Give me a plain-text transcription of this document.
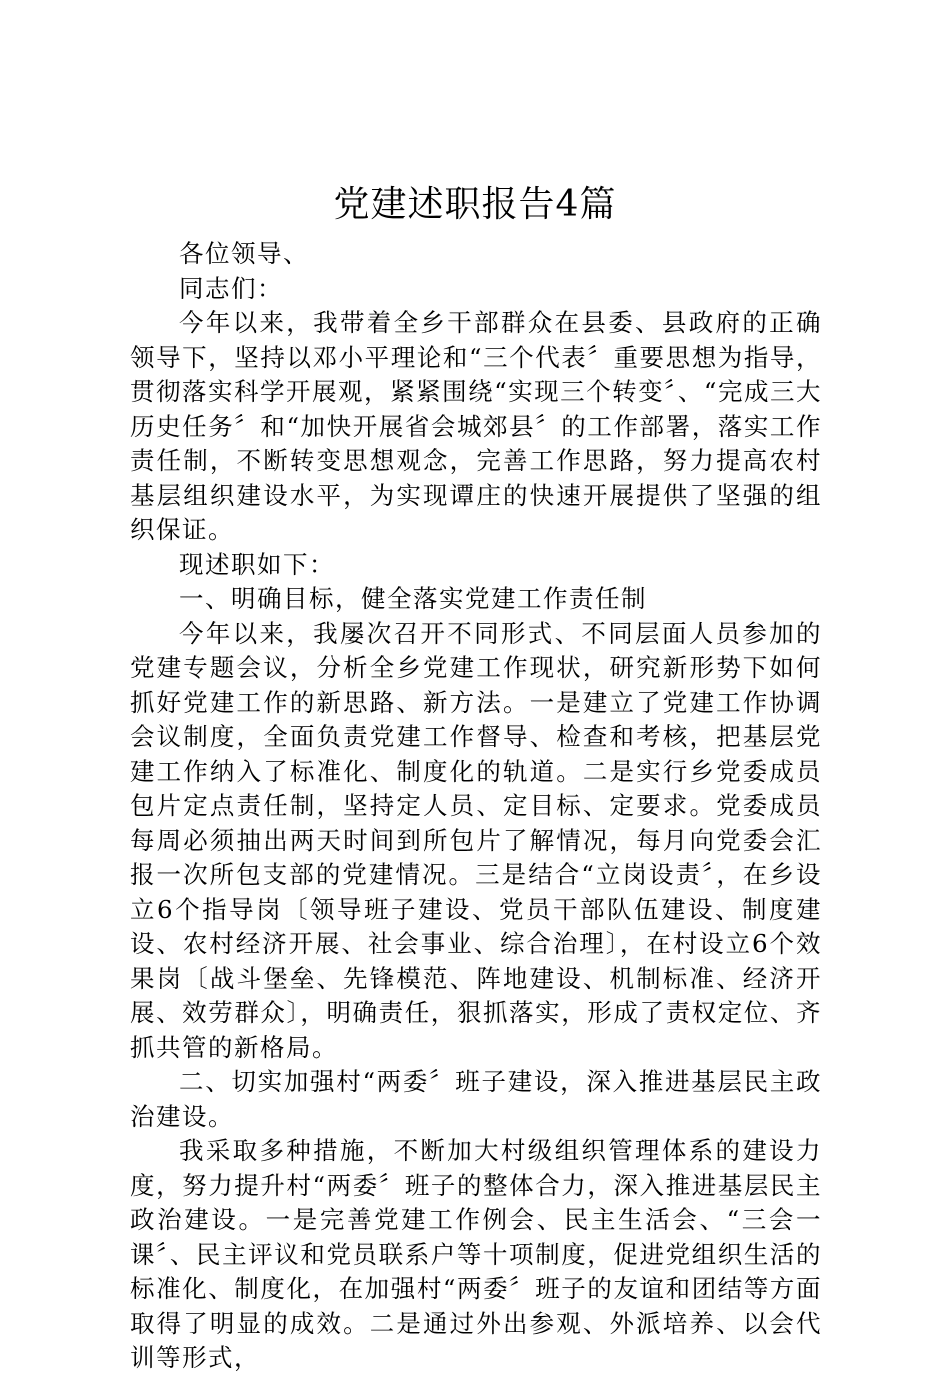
党建述职报告4篇

各位领导、

同志们：

今年以来，我带着全乡干部群众在县委、县政府的正确领导下，坚持以邓小平理论和“三个代表〞重要思想为指导，贯彻落实科学开展观，紧紧围绕“实现三个转变〞、“完成三大历史任务〞和“加快开展省会城郊县〞的工作部署，落实工作责任制，不断转变思想观念，完善工作思路，努力提高农村基层组织建设水平，为实现谭庄的快速开展提供了坚强的组织保证。

现述职如下：

一、明确目标，健全落实党建工作责任制

今年以来，我屡次召开不同形式、不同层面人员参加的党建专题会议，分析全乡党建工作现状，研究新形势下如何抓好党建工作的新思路、新方法。一是建立了党建工作协调会议制度，全面负责党建工作督导、检查和考核，把基层党建工作纳入了标准化、制度化的轨道。二是实行乡党委成员包片定点责任制，坚持定人员、定目标、定要求。党委成员每周必须抽出两天时间到所包片了解情况，每月向党委会汇报一次所包支部的党建情况。三是结合“立岗设责〞，在乡设立6个指导岗〔领导班子建设、党员干部队伍建设、制度建设、农村经济开展、社会事业、综合治理〕，在村设立6个效果岗〔战斗堡垒、先锋模范、阵地建设、机制标准、经济开展、效劳群众〕，明确责任，狠抓落实，形成了责权定位、齐抓共管的新格局。

二、切实加强村“两委〞班子建设，深入推进基层民主政治建设。

我采取多种措施，不断加大村级组织管理体系的建设力度，努力提升村“两委〞班子的整体合力，深入推进基层民主政治建设。一是完善党建工作例会、民主生活会、“三会一课〞、民主评议和党员联系户等十项制度，促进党组织生活的标准化、制度化，在加强村“两委〞班子的友谊和团结等方面取得了明显的成效。二是通过外出参观、外派培养、以会代训等形式，
